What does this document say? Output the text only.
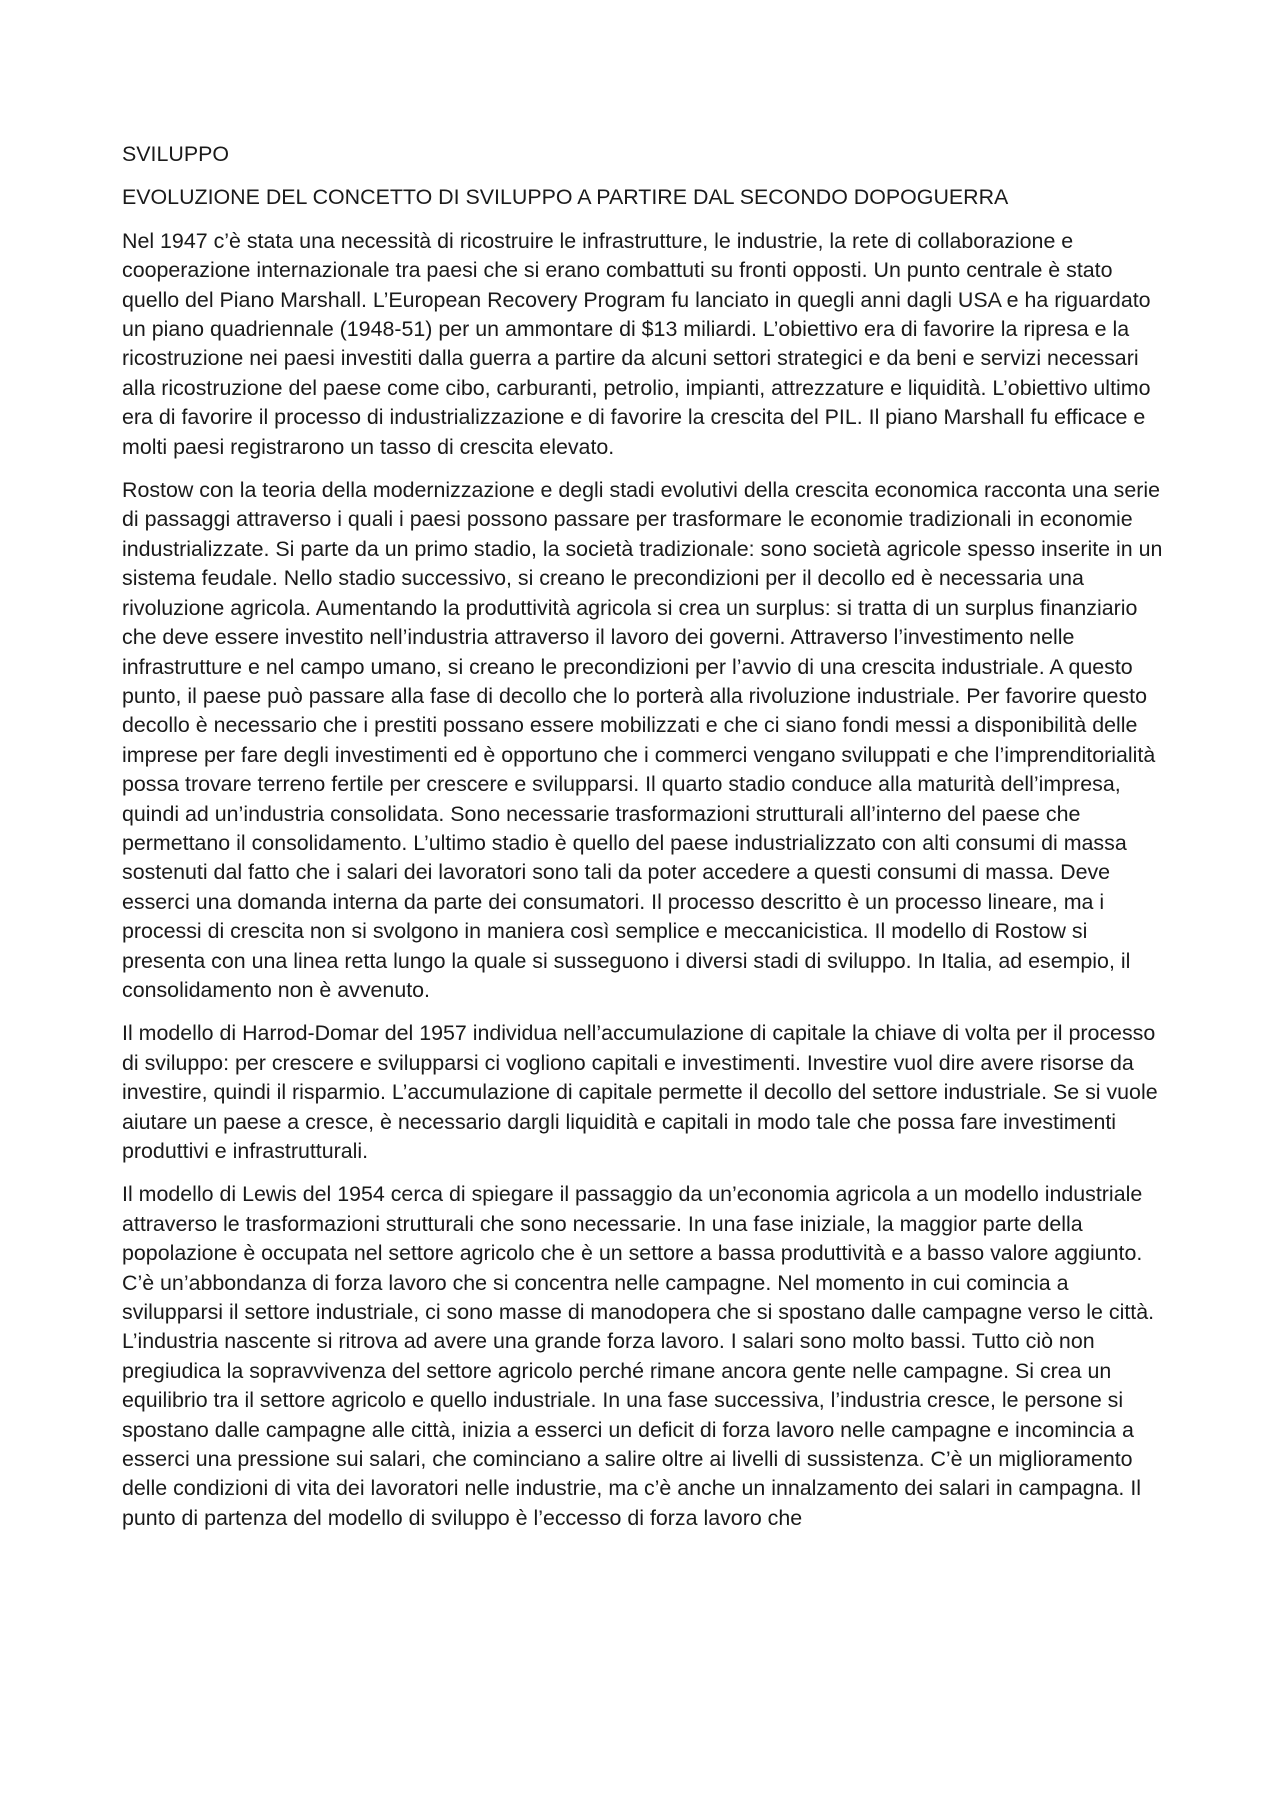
SVILUPPO

EVOLUZIONE DEL CONCETTO DI SVILUPPO A PARTIRE DAL SECONDO DOPOGUERRA

Nel 1947 c’è stata una necessità di ricostruire le infrastrutture, le industrie, la rete di collaborazione e cooperazione internazionale tra paesi che si erano combattuti su fronti opposti. Un punto centrale è stato quello del Piano Marshall. L’European Recovery Program fu lanciato in quegli anni dagli USA e ha riguardato un piano quadriennale (1948-51) per un ammontare di $13 miliardi. L’obiettivo era di favorire la ripresa e la ricostruzione nei paesi investiti dalla guerra a partire da alcuni settori strategici e da beni e servizi necessari alla ricostruzione del paese come cibo, carburanti, petrolio, impianti, attrezzature e liquidità. L’obiettivo ultimo era di favorire il processo di industrializzazione e di favorire la crescita del PIL. Il piano Marshall fu efficace e molti paesi registrarono un tasso di crescita elevato.

Rostow con la teoria della modernizzazione e degli stadi evolutivi della crescita economica racconta una serie di passaggi attraverso i quali i paesi possono passare per trasformare le economie tradizionali in economie industrializzate. Si parte da un primo stadio, la società tradizionale: sono società agricole spesso inserite in un sistema feudale. Nello stadio successivo, si creano le precondizioni per il decollo ed è necessaria una rivoluzione agricola. Aumentando la produttività agricola si crea un surplus: si tratta di un surplus finanziario che deve essere investito nell’industria attraverso il lavoro dei governi. Attraverso l’investimento nelle infrastrutture e nel campo umano, si creano le precondizioni per l’avvio di una crescita industriale. A questo punto, il paese può passare alla fase di decollo che lo porterà alla rivoluzione industriale. Per favorire questo decollo è necessario che i prestiti possano essere mobilizzati e che ci siano fondi messi a disponibilità delle imprese per fare degli investimenti ed è opportuno che i commerci vengano sviluppati e che l’imprenditorialità possa trovare terreno fertile per crescere e svilupparsi. Il quarto stadio conduce alla maturità dell’impresa, quindi ad un’industria consolidata. Sono necessarie trasformazioni strutturali all’interno del paese che permettano il consolidamento. L’ultimo stadio è quello del paese industrializzato con alti consumi di massa sostenuti dal fatto che i salari dei lavoratori sono tali da poter accedere a questi consumi di massa. Deve esserci una domanda interna da parte dei consumatori. Il processo descritto è un processo lineare, ma i processi di crescita non si svolgono in maniera così semplice e meccanicistica. Il modello di Rostow si presenta con una linea retta lungo la quale si susseguono i diversi stadi di sviluppo. In Italia, ad esempio, il consolidamento non è avvenuto.

Il modello di Harrod-Domar del 1957 individua nell’accumulazione di capitale la chiave di volta per il processo di sviluppo: per crescere e svilupparsi ci vogliono capitali e investimenti. Investire vuol dire avere risorse da investire, quindi il risparmio. L’accumulazione di capitale permette il decollo del settore industriale. Se si vuole aiutare un paese a cresce, è necessario dargli liquidità e capitali in modo tale che possa fare investimenti produttivi e infrastrutturali.

Il modello di Lewis del 1954 cerca di spiegare il passaggio da un’economia agricola a un modello industriale attraverso le trasformazioni strutturali che sono necessarie. In una fase iniziale, la maggior parte della popolazione è occupata nel settore agricolo che è un settore a bassa produttività e a basso valore aggiunto. C’è un’abbondanza di forza lavoro che si concentra nelle campagne. Nel momento in cui comincia a svilupparsi il settore industriale, ci sono masse di manodopera che si spostano dalle campagne verso le città. L’industria nascente si ritrova ad avere una grande forza lavoro. I salari sono molto bassi. Tutto ciò non pregiudica la sopravvivenza del settore agricolo perché rimane ancora gente nelle campagne. Si crea un equilibrio tra il settore agricolo e quello industriale. In una fase successiva, l’industria cresce, le persone si spostano dalle campagne alle città, inizia a esserci un deficit di forza lavoro nelle campagne e incomincia a esserci una pressione sui salari, che cominciano a salire oltre ai livelli di sussistenza. C’è un miglioramento delle condizioni di vita dei lavoratori nelle industrie, ma c’è anche un innalzamento dei salari in campagna. Il punto di partenza del modello di sviluppo è l’eccesso di forza lavoro che
